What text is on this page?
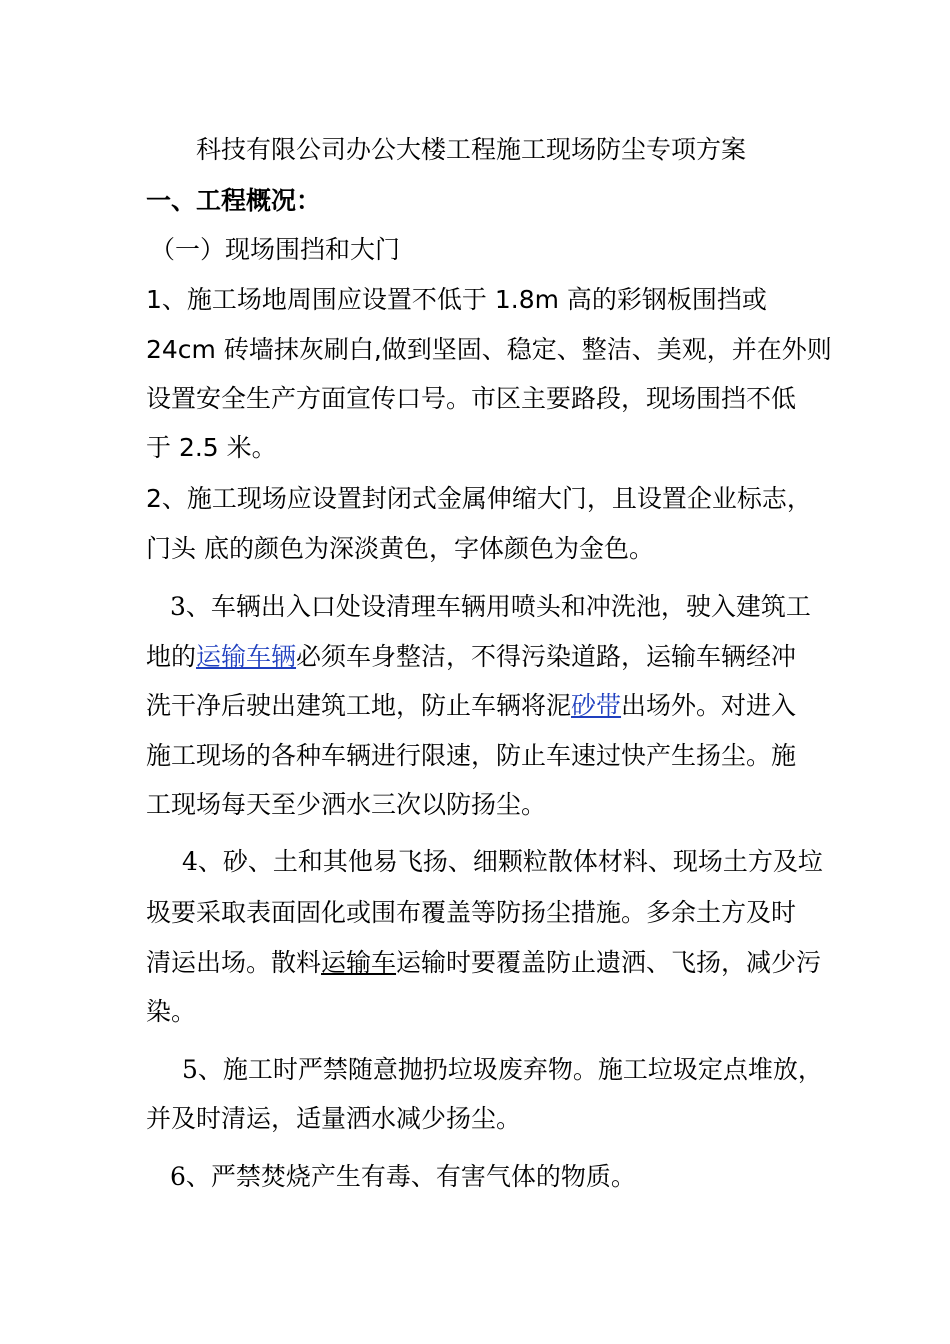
科技有限公司办公大楼工程施工现场防尘专项方案
一、工程概况：
（一）现场围挡和大门
1、施工场地周围应设置不低于 1.8m 高的彩钢板围挡或
24cm 砖墙抹灰刷白,做到坚固、稳定、整洁、美观，并在外则
设置安全生产方面宣传口号。市区主要路段，现场围挡不低
于 2.5 米。
2、施工现场应设置封闭式金属伸缩大门，且设置企业标志，
门头 底的颜色为深淡黄色，字体颜色为金色。
3、车辆出入口处设清理车辆用喷头和冲洗池，驶入建筑工
地的运输车辆必须车身整洁，不得污染道路，运输车辆经冲
洗干净后驶出建筑工地，防止车辆将泥砂带出场外。对进入
施工现场的各种车辆进行限速，防止车速过快产生扬尘。施
工现场每天至少洒水三次以防扬尘。
4、砂、土和其他易飞扬、细颗粒散体材料、现场土方及垃
圾要采取表面固化或围布覆盖等防扬尘措施。多余土方及时
清运出场。散料运输车运输时要覆盖防止遗洒、飞扬，减少污
染。
5、施工时严禁随意抛扔垃圾废弃物。施工垃圾定点堆放，
并及时清运，适量洒水减少扬尘。
6、严禁焚烧产生有毒、有害气体的物质。
